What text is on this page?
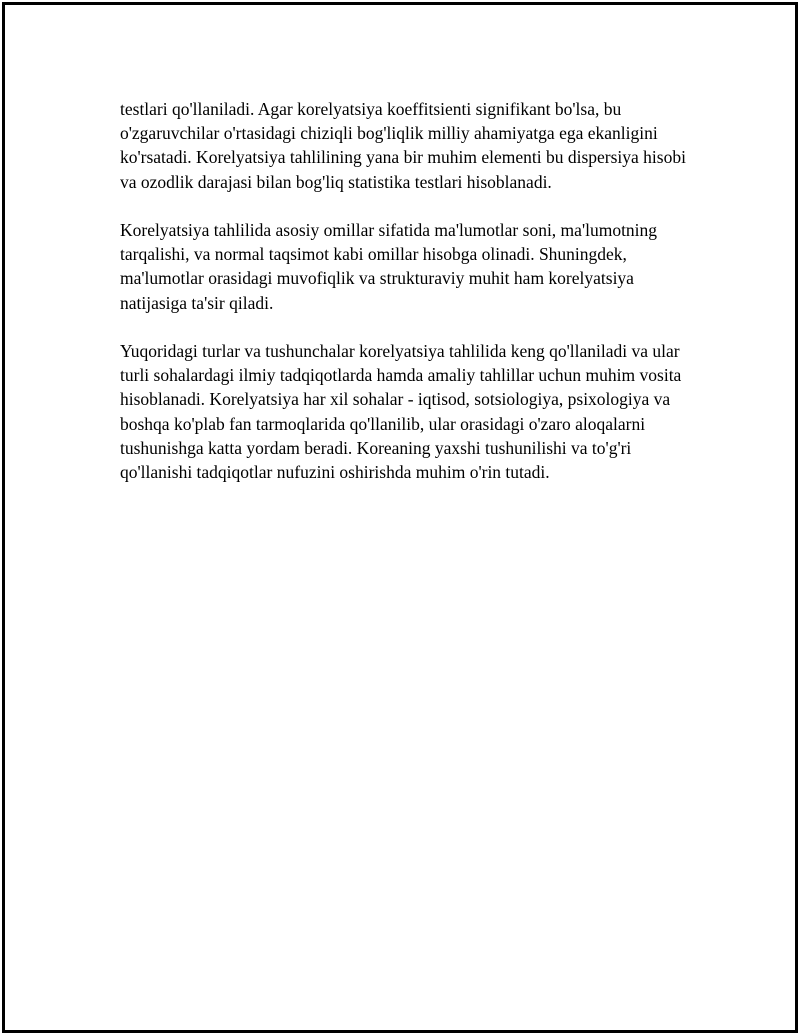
testlari qo'llaniladi. Agar korelyatsiya koeffitsienti signifikant bo'lsa, bu o'zgaruvchilar o'rtasidagi chiziqli bog'liqlik milliy ahamiyatga ega ekanligini ko'rsatadi. Korelyatsiya tahlilining yana bir muhim elementi bu dispersiya hisobi va ozodlik darajasi bilan bog'liq statistika testlari hisoblanadi.

Korelyatsiya tahlilida asosiy omillar sifatida ma'lumotlar soni, ma'lumotning tarqalishi, va normal taqsimot kabi omillar hisobga olinadi. Shuningdek, ma'lumotlar orasidagi muvofiqlik va strukturaviy muhit ham korelyatsiya natijasiga ta'sir qiladi.

Yuqoridagi turlar va tushunchalar korelyatsiya tahlilida keng qo'llaniladi va ular turli sohalardagi ilmiy tadqiqotlarda hamda amaliy tahlillar uchun muhim vosita hisoblanadi. Korelyatsiya har xil sohalar - iqtisod, sotsiologiya, psixologiya va boshqa ko'plab fan tarmoqlarida qo'llanilib, ular orasidagi o'zaro aloqalarni tushunishga katta yordam beradi. Koreaning yaxshi tushunilishi va to'g'ri qo'llanishi tadqiqotlar nufuzini oshirishda muhim o'rin tutadi.
